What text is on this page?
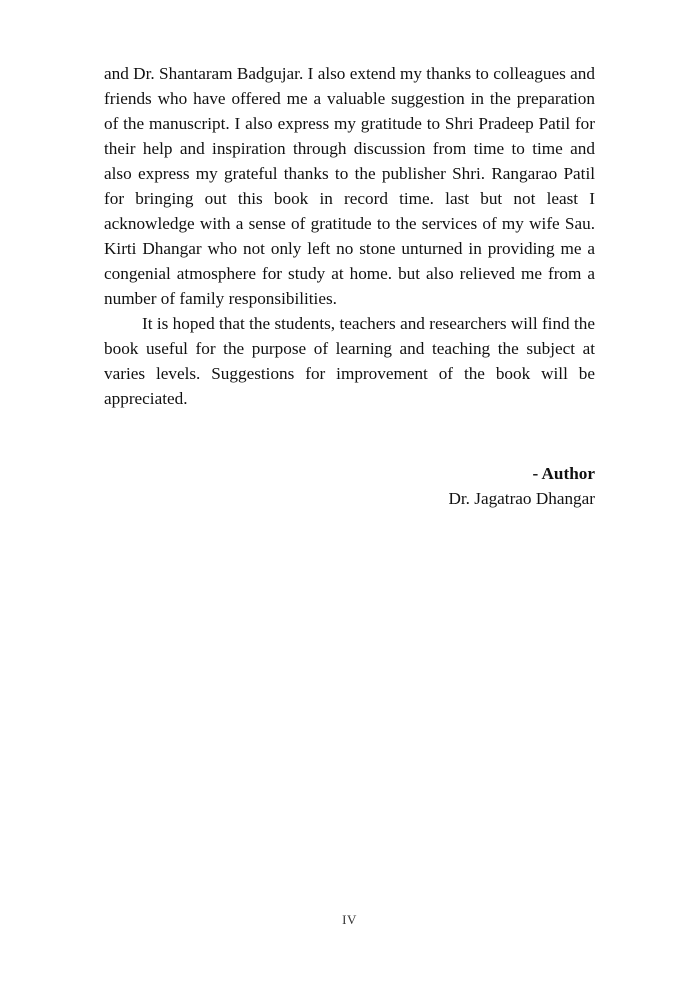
and Dr. Shantaram Badgujar. I also extend my thanks to colleagues and friends who have offered me a valuable suggestion in the preparation of the manuscript. I also express my gratitude to Shri Pradeep Patil for their help and inspiration through discussion from time to time and also express my grateful thanks to the publisher Shri. Rangarao Patil for bringing out this book in record time. last but not least I acknowledge with a sense of gratitude to the services of my wife Sau. Kirti Dhangar who not only left no stone unturned in providing me a congenial atmosphere for study at home. but also relieved me from a number of family responsibilities.

It is hoped that the students, teachers and researchers will find the book useful for the purpose of learning and teaching the subject at varies levels. Suggestions for improvement of the book will be appreciated.

- Author
Dr. Jagatrao Dhangar
IV
